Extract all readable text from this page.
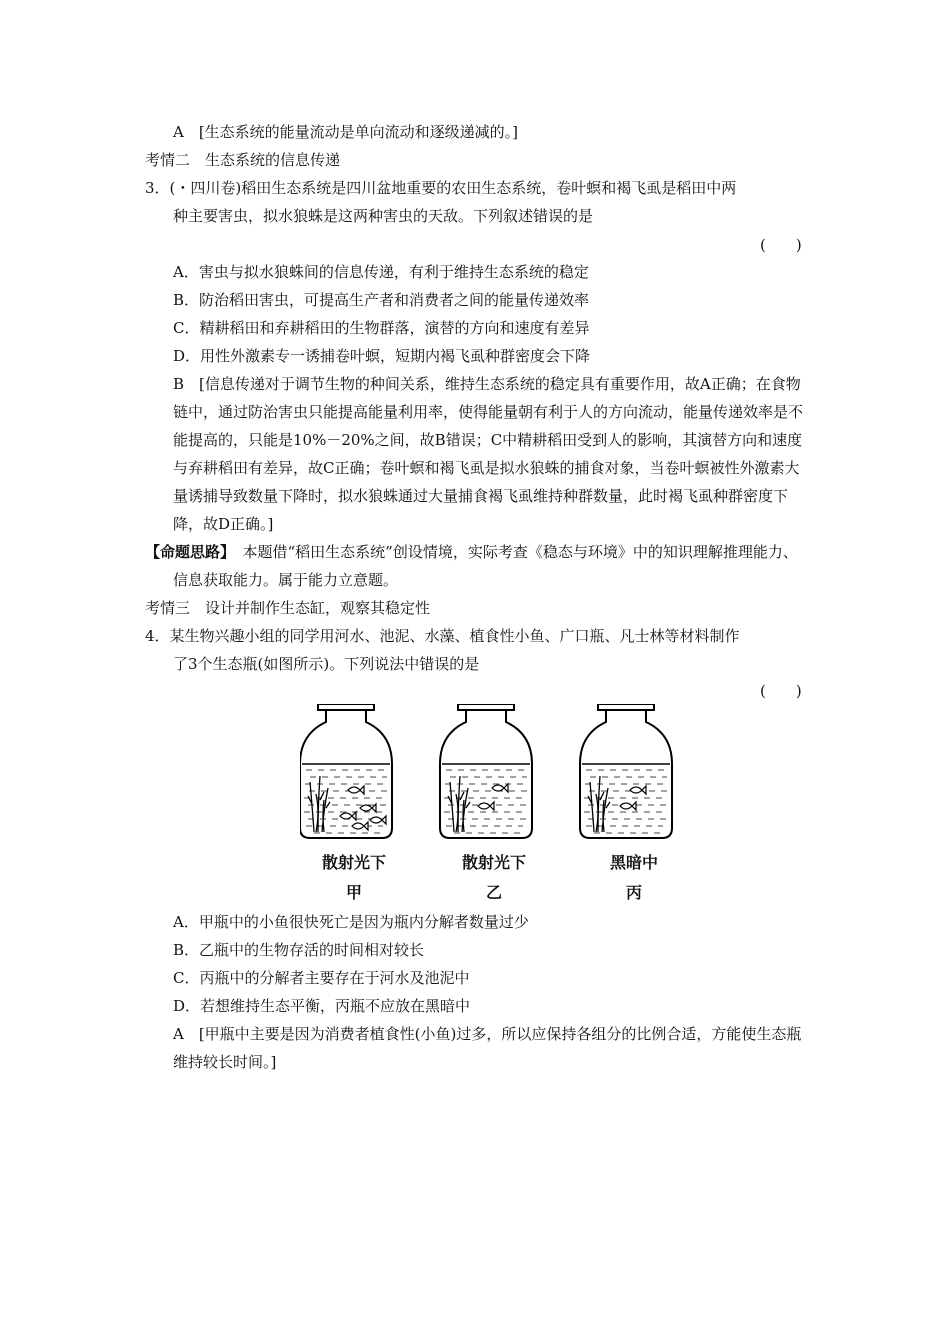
A　[生态系统的能量流动是单向流动和逐级递减的。]
考情二　生态系统的信息传递
3．(・四川卷)稻田生态系统是四川盆地重要的农田生态系统，卷叶螟和褐飞虱是稻田中两
种主要害虫，拟水狼蛛是这两种害虫的天敌。下列叙述错误的是
(　　)
A．害虫与拟水狼蛛间的信息传递，有利于维持生态系统的稳定
B．防治稻田害虫，可提高生产者和消费者之间的能量传递效率
C．精耕稻田和弃耕稻田的生物群落，演替的方向和速度有差异
D．用性外激素专一诱捕卷叶螟，短期内褐飞虱种群密度会下降
B　[信息传递对于调节生物的种间关系，维持生态系统的稳定具有重要作用，故A正确；在食物链中，通过防治害虫只能提高能量利用率，使得能量朝有利于人的方向流动，能量传递效率是不能提高的，只能是10%－20%之间，故B错误；C中精耕稻田受到人的影响，其演替方向和速度与弃耕稻田有差异，故C正确；卷叶螟和褐飞虱是拟水狼蛛的捕食对象，当卷叶螟被性外激素大量诱捕导致数量下降时，拟水狼蛛通过大量捕食褐飞虱维持种群数量，此时褐飞虱种群密度下降，故D正确。]
【命题思路】　本题借“稻田生态系统”创设情境，实际考查《稳态与环境》中的知识理解推理能力、信息获取能力。属于能力立意题。
考情三　设计并制作生态缸，观察其稳定性
4．某生物兴趣小组的同学用河水、池泥、水藻、植食性小鱼、广口瓶、凡士林等材料制作
了3个生态瓶(如图所示)。下列说法中错误的是
(　　)
散射光下	散射光下	黑暗中
甲	乙	丙
A．甲瓶中的小鱼很快死亡是因为瓶内分解者数量过少
B．乙瓶中的生物存活的时间相对较长
C．丙瓶中的分解者主要存在于河水及池泥中
D．若想维持生态平衡，丙瓶不应放在黑暗中
A　[甲瓶中主要是因为消费者植食性(小鱼)过多，所以应保持各组分的比例合适，方能使生态瓶维持较长时间。]
